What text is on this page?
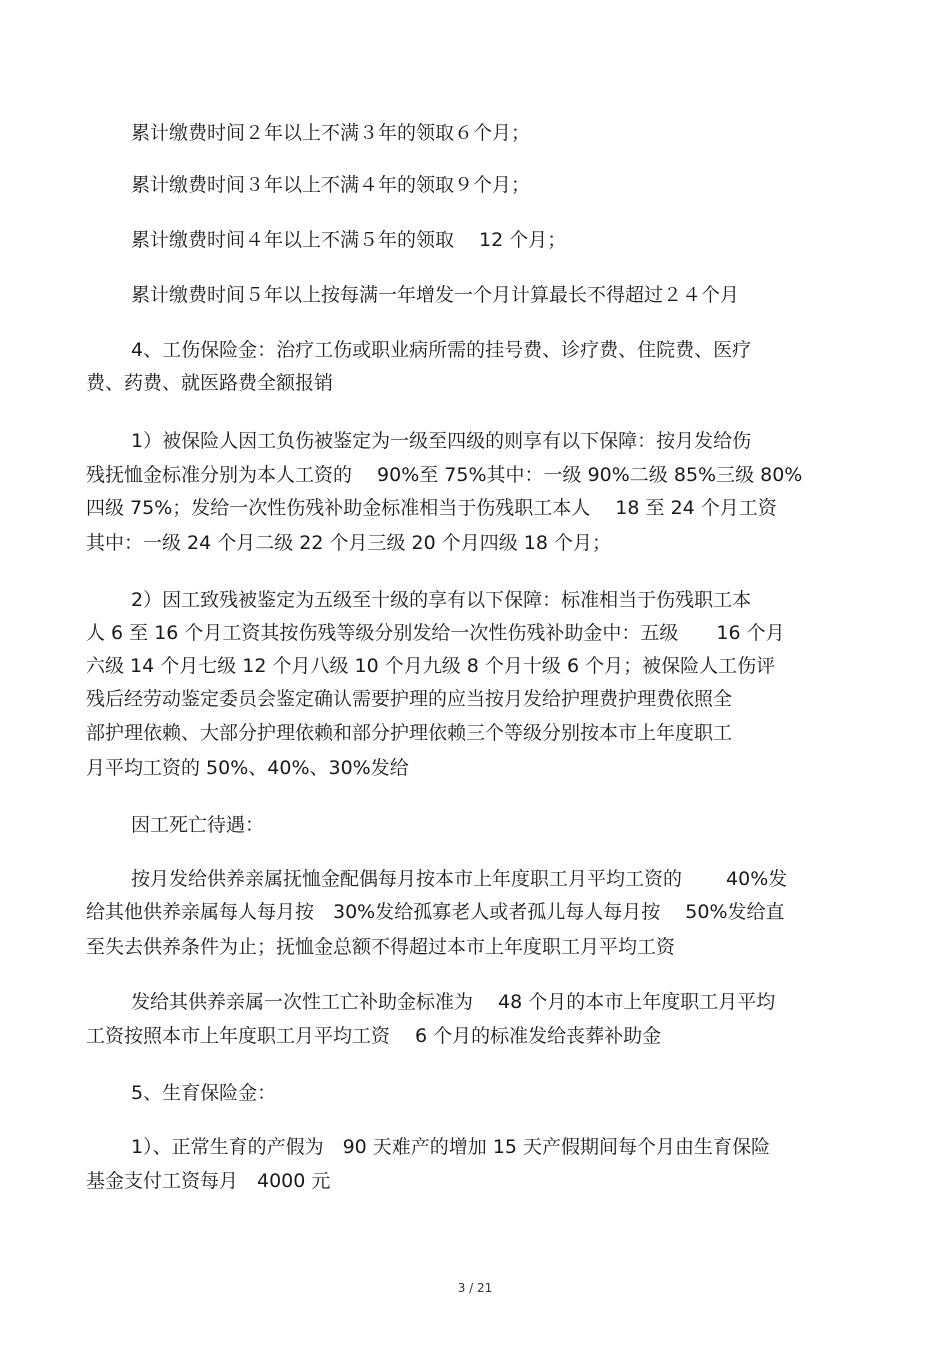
累计缴费时间２年以上不满３年的领取６个月；
累计缴费时间３年以上不满４年的领取９个月；
累计缴费时间４年以上不满５年的领取　 12 个月；
累计缴费时间５年以上按每满一年增发一个月计算最长不得超过２４个月
4、工伤保险金：治疗工伤或职业病所需的挂号费、诊疗费、住院费、医疗
费、药费、就医路费全额报销
1）被保险人因工负伤被鉴定为一级至四级的则享有以下保障：按月发给伤
残抚恤金标准分别为本人工资的　 90%至 75%其中：一级 90%二级 85%三级 80%
四级 75%；发给一次性伤残补助金标准相当于伤残职工本人　 18 至 24 个月工资
其中：一级 24 个月二级 22 个月三级 20 个月四级 18 个月；
2）因工致残被鉴定为五级至十级的享有以下保障：标准相当于伤残职工本
人 6 至 16 个月工资其按伤残等级分别发给一次性伤残补助金中：五级　　16 个月
六级 14 个月七级 12 个月八级 10 个月九级 8 个月十级 6 个月；被保险人工伤评
残后经劳动鉴定委员会鉴定确认需要护理的应当按月发给护理费护理费依照全
部护理依赖、大部分护理依赖和部分护理依赖三个等级分别按本市上年度职工
月平均工资的 50%、40%、30%发给
因工死亡待遇：
按月发给供养亲属抚恤金配偶每月按本市上年度职工月平均工资的　　 40%发
给其他供养亲属每人每月按　30%发给孤寡老人或者孤儿每人每月按　 50%发给直
至失去供养条件为止；抚恤金总额不得超过本市上年度职工月平均工资
发给其供养亲属一次性工亡补助金标准为　 48 个月的本市上年度职工月平均
工资按照本市上年度职工月平均工资　 6 个月的标准发给丧葬补助金
5、生育保险金：
1）、正常生育的产假为　90 天难产的增加 15 天产假期间每个月由生育保险
基金支付工资每月　4000 元
3 / 21
